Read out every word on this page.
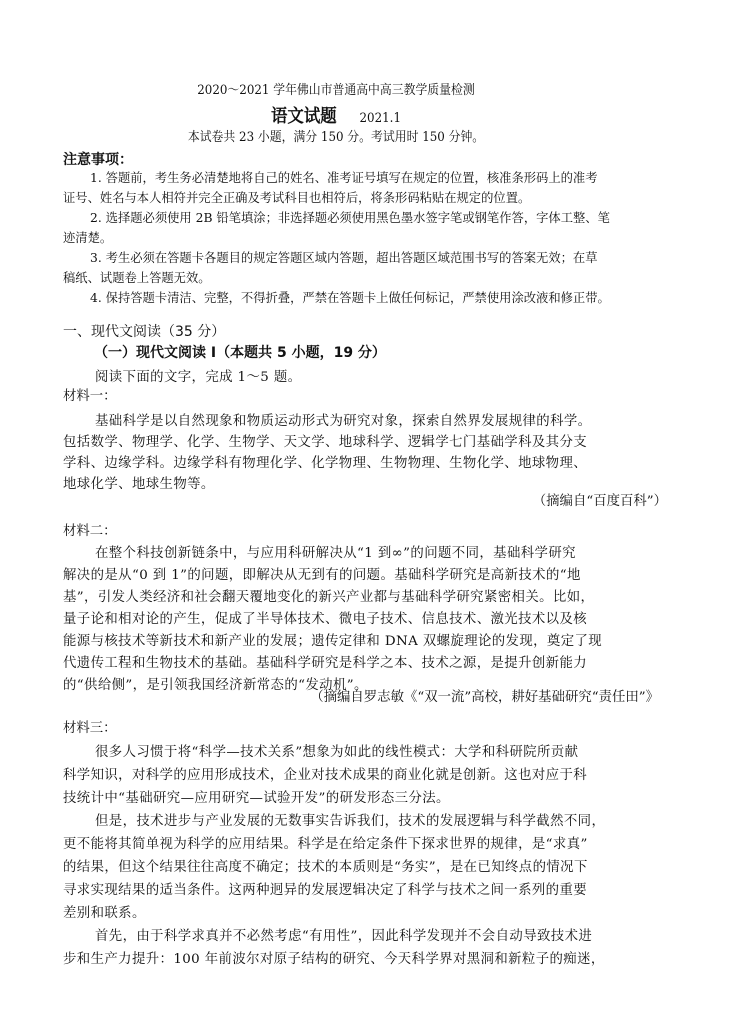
2020～2021 学年佛山市普通高中高三教学质量检测
语文试题 2021.1
本试卷共 23 小题，满分 150 分。考试用时 150 分钟。
注意事项：
1. 答题前，考生务必清楚地将自己的姓名、准考证号填写在规定的位置，核准条形码上的准考
证号、姓名与本人相符并完全正确及考试科目也相符后，将条形码粘贴在规定的位置。
2. 选择题必须使用 2B 铅笔填涂；非选择题必须使用黑色墨水签字笔或钢笔作答，字体工整、笔
迹清楚。
3. 考生必须在答题卡各题目的规定答题区域内答题，超出答题区域范围书写的答案无效；在草
稿纸、试题卷上答题无效。
4. 保持答题卡清洁、完整，不得折叠，严禁在答题卡上做任何标记，严禁使用涂改液和修正带。
一、现代文阅读（35 分）
（一）现代文阅读 I（本题共 5 小题，19 分）
阅读下面的文字，完成 1～5 题。
材料一：
基础科学是以自然现象和物质运动形式为研究对象，探索自然界发展规律的科学。
包括数学、物理学、化学、生物学、天文学、地球科学、逻辑学七门基础学科及其分支
学科、边缘学科。边缘学科有物理化学、化学物理、生物物理、生物化学、地球物理、
地球化学、地球生物等。
（摘编自“百度百科”）
材料二：
在整个科技创新链条中，与应用科研解决从“1 到∞”的问题不同，基础科学研究
解决的是从“0 到 1”的问题，即解决从无到有的问题。基础科学研究是高新技术的“地
基”，引发人类经济和社会翻天覆地变化的新兴产业都与基础科学研究紧密相关。比如，
量子论和相对论的产生，促成了半导体技术、微电子技术、信息技术、激光技术以及核
能源与核技术等新技术和新产业的发展；遗传定律和 DNA 双螺旋理论的发现，奠定了现
代遗传工程和生物技术的基础。基础科学研究是科学之本、技术之源，是提升创新能力
的“供给侧”，是引领我国经济新常态的“发动机”。
（摘编自罗志敏《“双一流”高校，耕好基础研究“责任田”》
材料三：
很多人习惯于将“科学—技术关系”想象为如此的线性模式：大学和科研院所贡献
科学知识，对科学的应用形成技术，企业对技术成果的商业化就是创新。这也对应于科
技统计中“基础研究—应用研究—试验开发”的研发形态三分法。
但是，技术进步与产业发展的无数事实告诉我们，技术的发展逻辑与科学截然不同，
更不能将其简单视为科学的应用结果。科学是在给定条件下探求世界的规律，是“求真”
的结果，但这个结果往往高度不确定；技术的本质则是“务实”，是在已知终点的情况下
寻求实现结果的适当条件。这两种迥异的发展逻辑决定了科学与技术之间一系列的重要
差别和联系。
首先，由于科学求真并不必然考虑“有用性”，因此科学发现并不会自动导致技术进
步和生产力提升：100 年前波尔对原子结构的研究、今天科学界对黑洞和新粒子的痴迷，
